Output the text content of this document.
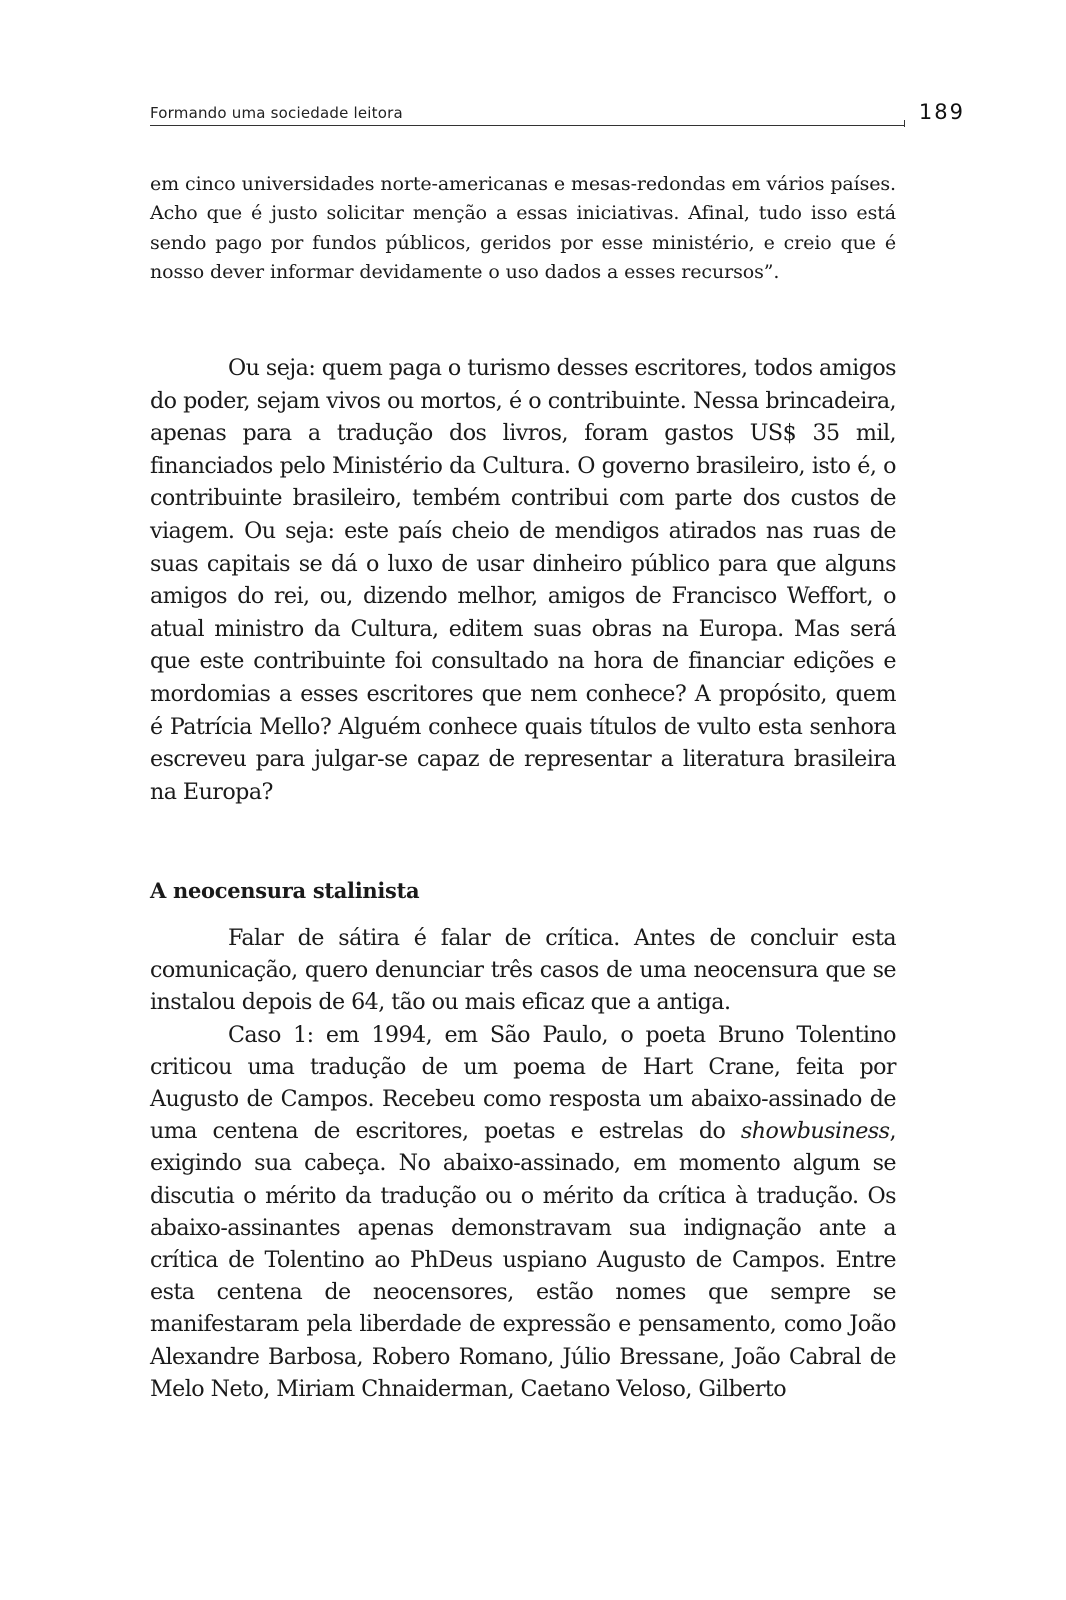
Formando uma sociedade leitora	189

em cinco universidades norte-americanas e mesas-redondas em vários países. Acho que é justo solicitar menção a essas iniciativas. Afinal, tudo isso está sendo pago por fundos públicos, geridos por esse ministério, e creio que é nosso dever informar devidamente o uso dados a esses recursos”.

Ou seja: quem paga o turismo desses escritores, todos amigos do poder, sejam vivos ou mortos, é o contribuinte. Nessa brincadeira, apenas para a tradução dos livros, foram gastos US$ 35 mil, financiados pelo Ministério da Cultura. O governo brasileiro, isto é, o contribuinte brasileiro, tembém contribui com parte dos custos de viagem. Ou seja: este país cheio de mendigos atirados nas ruas de suas capitais se dá o luxo de usar dinheiro público para que alguns amigos do rei, ou, dizendo melhor, amigos de Francisco Weffort, o atual ministro da Cultura, editem suas obras na Europa. Mas será que este contribuinte foi consultado na hora de financiar edições e mordomias a esses escritores que nem conhece? A propósito, quem é Patrícia Mello? Alguém conhece quais títulos de vulto esta senhora escreveu para julgar-se capaz de representar a literatura brasileira na Europa?

A neocensura stalinista

Falar de sátira é falar de crítica. Antes de concluir esta comunicação, quero denunciar três casos de uma neocensura que se instalou depois de 64, tão ou mais eficaz que a antiga.

Caso 1: em 1994, em São Paulo, o poeta Bruno Tolentino criticou uma tradução de um poema de Hart Crane, feita por Augusto de Campos. Recebeu como resposta um abaixo-assinado de uma centena de escritores, poetas e estrelas do showbusiness, exigindo sua cabeça. No abaixo-assinado, em momento algum se discutia o mérito da tradução ou o mérito da crítica à tradução. Os abaixo-assinantes apenas demonstravam sua indignação ante a crítica de Tolentino ao PhDeus uspiano Augusto de Campos. Entre esta centena de neocensores, estão nomes que sempre se manifestaram pela liberdade de expressão e pensamento, como João Alexandre Barbosa, Robero Romano, Júlio Bressane, João Cabral de Melo Neto, Miriam Chnaiderman, Caetano Veloso, Gilberto
